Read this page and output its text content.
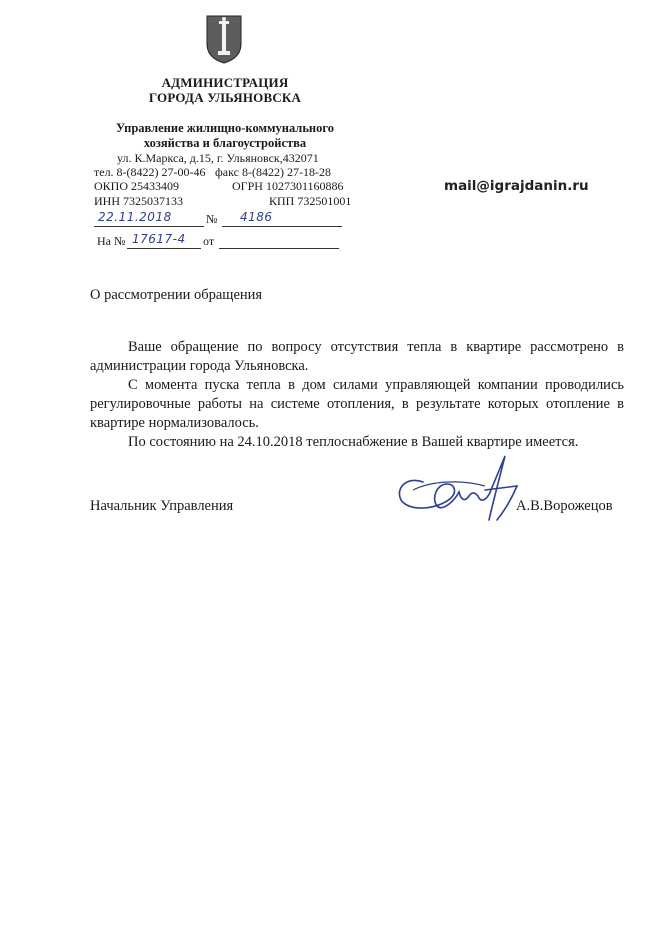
АДМИНИСТРАЦИЯ
ГОРОДА УЛЬЯНОВСКА
Управление жилищно-коммунального
хозяйства и благоустройства
ул. К.Маркса, д.15, г. Ульяновск,432071
тел. 8-(8422) 27-00-46 факс 8-(8422) 27-18-28
ОКПО 25433409	ОГРН 1027301160886
ИНН 7325037133	КПП 732501001
mail@igrajdanin.ru
22.11.2018	№ 4186
На № 17617-4 от
О рассмотрении обращения

Ваше обращение по вопросу отсутствия тепла в квартире рассмотрено в администрации города Ульяновска.

С момента пуска тепла в дом силами управляющей компании проводились регулировочные работы на системе отопления, в результате которых отопление в квартире нормализовалось.

По состоянию на 24.10.2018 теплоснабжение в Вашей квартире имеется.

Начальник Управления	А.В.Ворожецов
